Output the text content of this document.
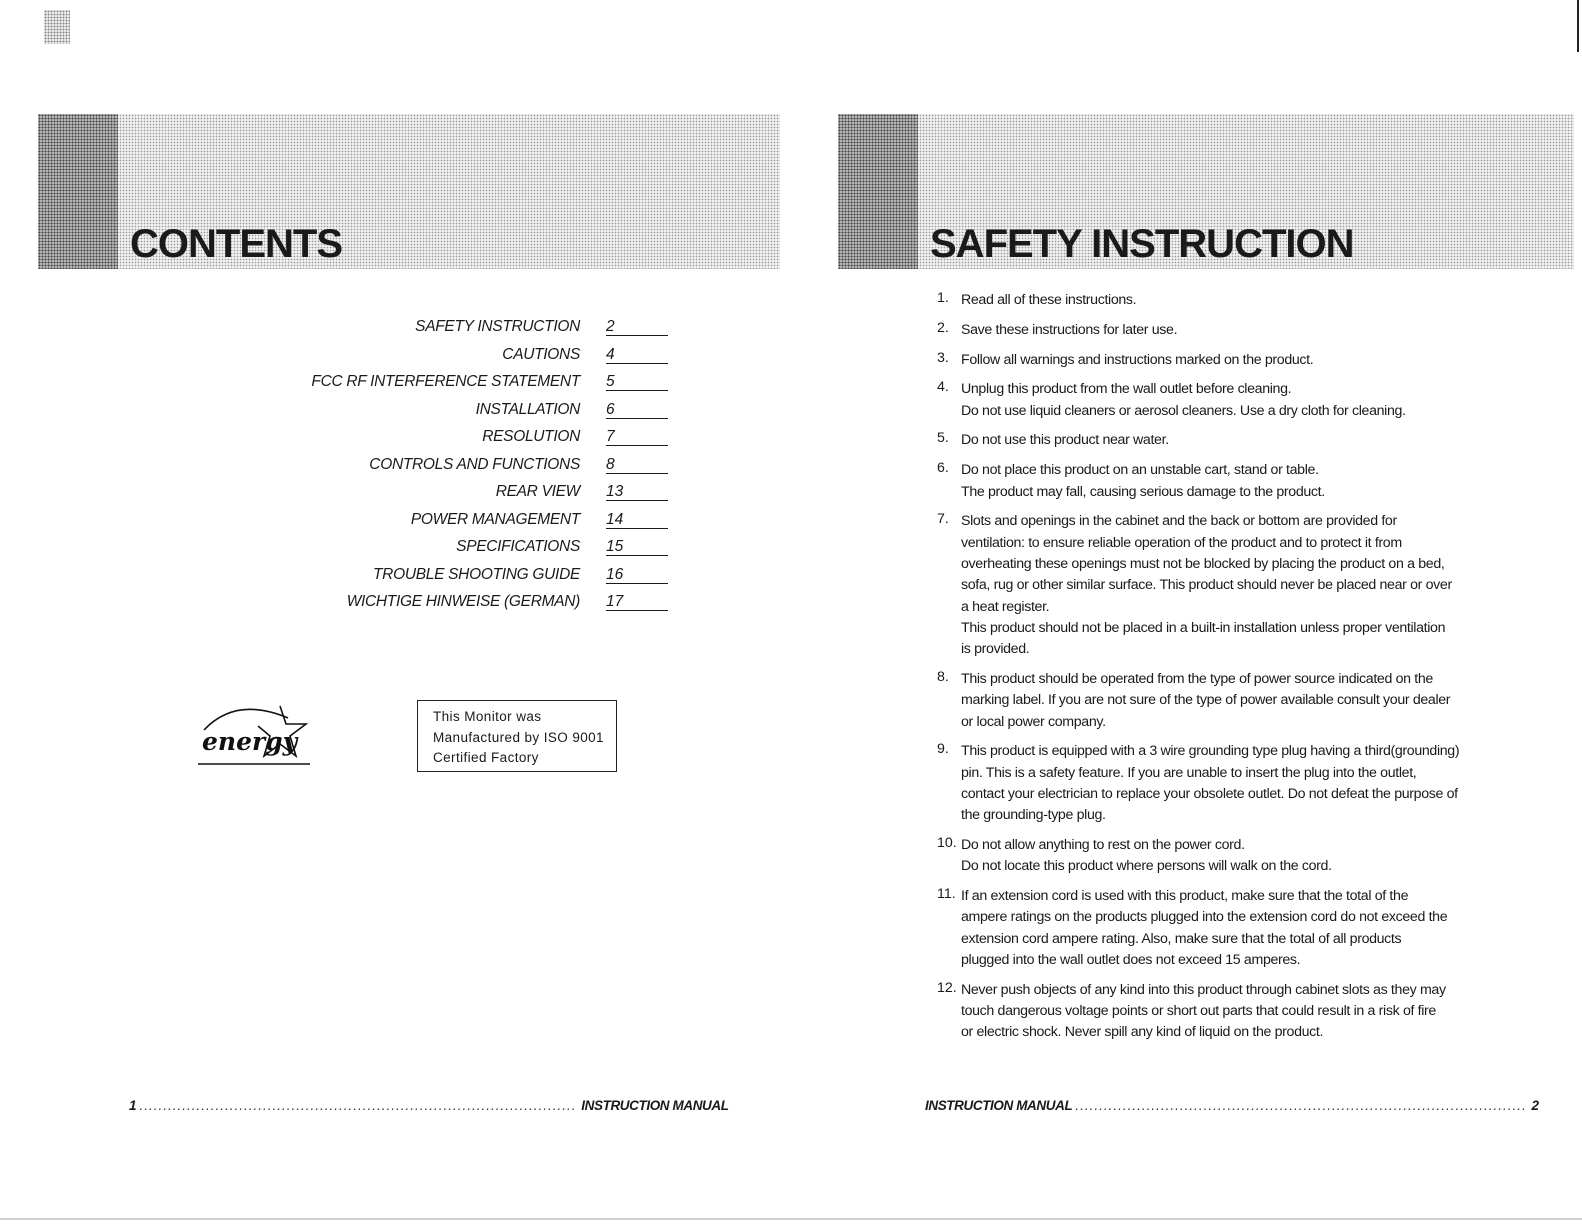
CONTENTS
SAFETY INSTRUCTION 2
CAUTIONS 4
FCC RF INTERFERENCE STATEMENT 5
INSTALLATION 6
RESOLUTION 7
CONTROLS AND FUNCTIONS 8
REAR VIEW 13
POWER MANAGEMENT 14
SPECIFICATIONS 15
TROUBLE SHOOTING GUIDE 16
WICHTIGE HINWEISE (GERMAN) 17
energy
This Monitor was
Manufactured by ISO 9001
Certified Factory
1 ............................................................................................ INSTRUCTION MANUAL
SAFETY INSTRUCTION
1. Read all of these instructions.

2. Save these instructions for later use.

3. Follow all warnings and instructions marked on the product.

4. Unplug this product from the wall outlet before cleaning.

Do not use liquid cleaners or aerosol cleaners. Use a dry cloth for cleaning.

5. Do not use this product near water.

6. Do not place this product on an unstable cart, stand or table.

The product may fall, causing serious damage to the product.

7. Slots and openings in the cabinet and the back or bottom are provided for

ventilation: to ensure reliable operation of the product and to protect it from

overheating these openings must not be blocked by placing the product on a bed,

sofa, rug or other similar surface. This product should never be placed near or over

a heat register.

This product should not be placed in a built-in installation unless proper ventilation

is provided.

8. This product should be operated from the type of power source indicated on the

marking label. If you are not sure of the type of power available consult your dealer

or local power company.

9. This product is equipped with a 3 wire grounding type plug having a third(grounding)

pin. This is a safety feature. If you are unable to insert the plug into the outlet,

contact your electrician to replace your obsolete outlet. Do not defeat the purpose of

the grounding-type plug.

10. Do not allow anything to rest on the power cord.

Do not locate this product where persons will walk on the cord.

11. If an extension cord is used with this product, make sure that the total of the

ampere ratings on the products plugged into the extension cord do not exceed the

extension cord ampere rating. Also, make sure that the total of all products

plugged into the wall outlet does not exceed 15 amperes.

12. Never push objects of any kind into this product through cabinet slots as they may

touch dangerous voltage points or short out parts that could result in a risk of fire

or electric shock. Never spill any kind of liquid on the product.

INSTRUCTION MANUAL ............................................................................................... 2
